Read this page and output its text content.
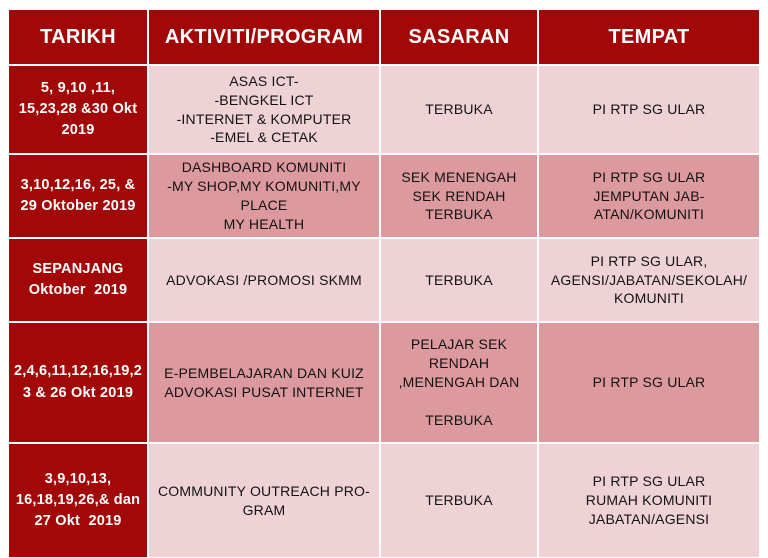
TARIKH	AKTIVITI/PROGRAM	SASARAN	TEMPAT

5, 9,10 ,11,
15,23,28 &30 Okt
2019	ASAS ICT-
-BENGKEL ICT
-INTERNET & KOMPUTER
-EMEL & CETAK	TERBUKA	PI RTP SG ULAR

3,10,12,16, 25, &
29 Oktober 2019	DASHBOARD KOMUNITI
-MY SHOP,MY KOMUNITI,MY PLACE
MY HEALTH	SEK MENENGAH
SEK RENDAH
TERBUKA	PI RTP SG ULAR
JEMPUTAN JAB-
ATAN/KOMUNITI

SEPANJANG
Oktober  2019	ADVOKASI /PROMOSI SKMM	TERBUKA	PI RTP SG ULAR,
AGENSI/JABATAN/SEKOLAH/
KOMUNITI

2,4,6,11,12,16,19,2
3 & 26 Okt 2019	E-PEMBELAJARAN DAN KUIZ
ADVOKASI PUSAT INTERNET	PELAJAR SEK RENDAH
,MENENGAH DAN
TERBUKA	PI RTP SG ULAR

3,9,10,13,
16,18,19,26,& dan
27 Okt  2019	COMMUNITY OUTREACH PRO-
GRAM	TERBUKA	PI RTP SG ULAR
RUMAH KOMUNITI
JABATAN/AGENSI
